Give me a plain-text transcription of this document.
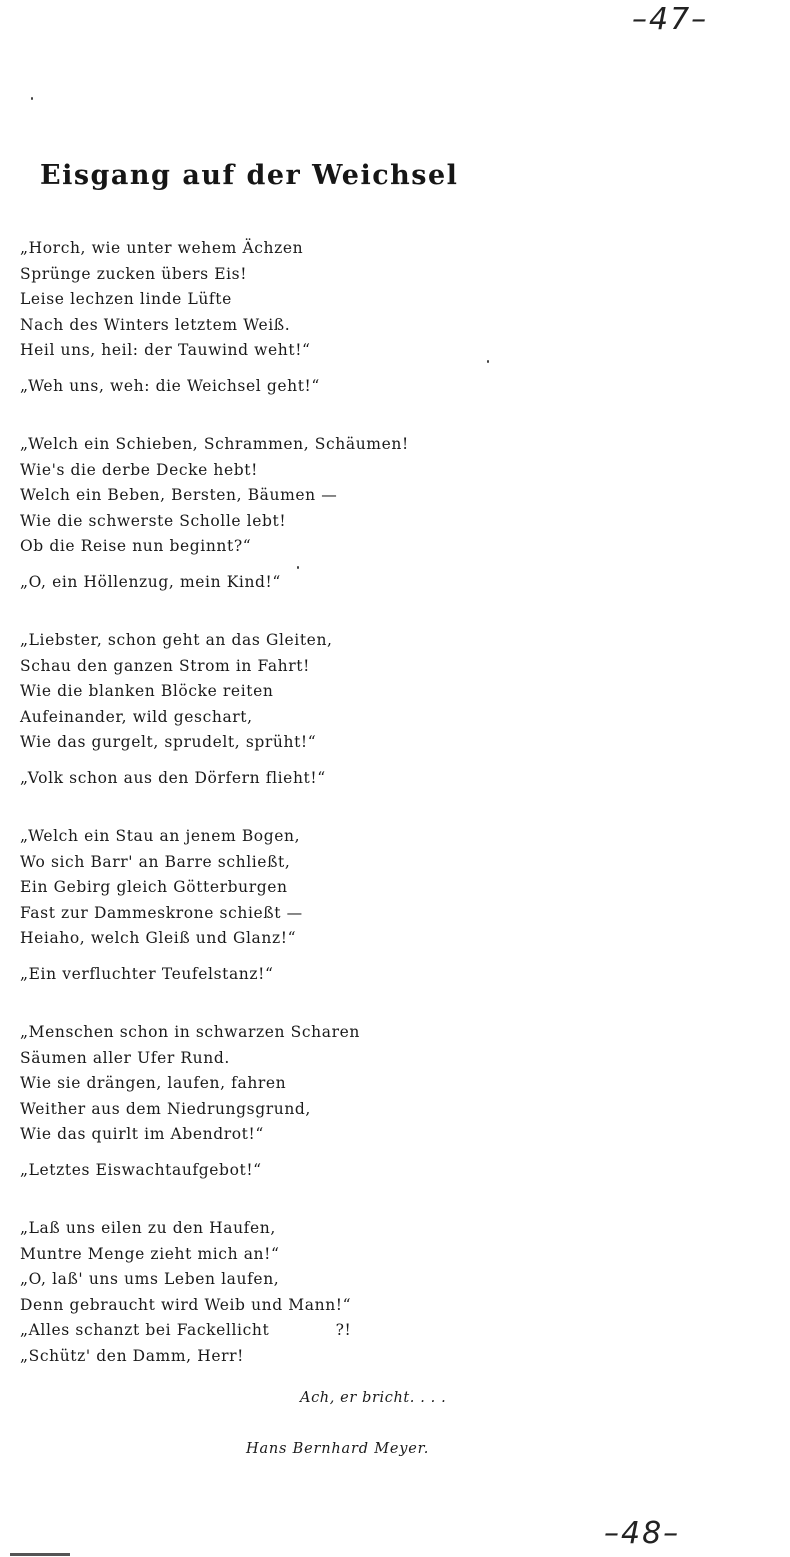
–47–
Eisgang auf der Weichsel
„Horch, wie unter wehem Ächzen
Sprünge zucken übers Eis!
Leise lechzen linde Lüfte
Nach des Winters letztem Weiß.
Heil uns, heil: der Tauwind weht!“
„Weh uns, weh: die Weichsel geht!“
„Welch ein Schieben, Schrammen, Schäumen!
Wie's die derbe Decke hebt!
Welch ein Beben, Bersten, Bäumen —
Wie die schwerste Scholle lebt!
Ob die Reise nun beginnt?“
„O, ein Höllenzug, mein Kind!“
„Liebster, schon geht an das Gleiten,
Schau den ganzen Strom in Fahrt!
Wie die blanken Blöcke reiten
Aufeinander, wild geschart,
Wie das gurgelt, sprudelt, sprüht!“
„Volk schon aus den Dörfern flieht!“
„Welch ein Stau an jenem Bogen,
Wo sich Barr' an Barre schließt,
Ein Gebirg gleich Götterburgen
Fast zur Dammeskrone schießt —
Heiaho, welch Gleiß und Glanz!“
„Ein verfluchter Teufelstanz!“
„Menschen schon in schwarzen Scharen
Säumen aller Ufer Rund.
Wie sie drängen, laufen, fahren
Weither aus dem Niedrungsgrund,
Wie das quirlt im Abendrot!“
„Letztes Eiswachtaufgebot!“
„Laß uns eilen zu den Haufen,
Muntre Menge zieht mich an!“
„O, laß' uns ums Leben laufen,
Denn gebraucht wird Weib und Mann!“
„Alles schanzt bei Fackellicht            ?!
„Schütz' den Damm, Herr!
Ach, er bricht. . . .
Hans Bernhard Meyer.
–48–
